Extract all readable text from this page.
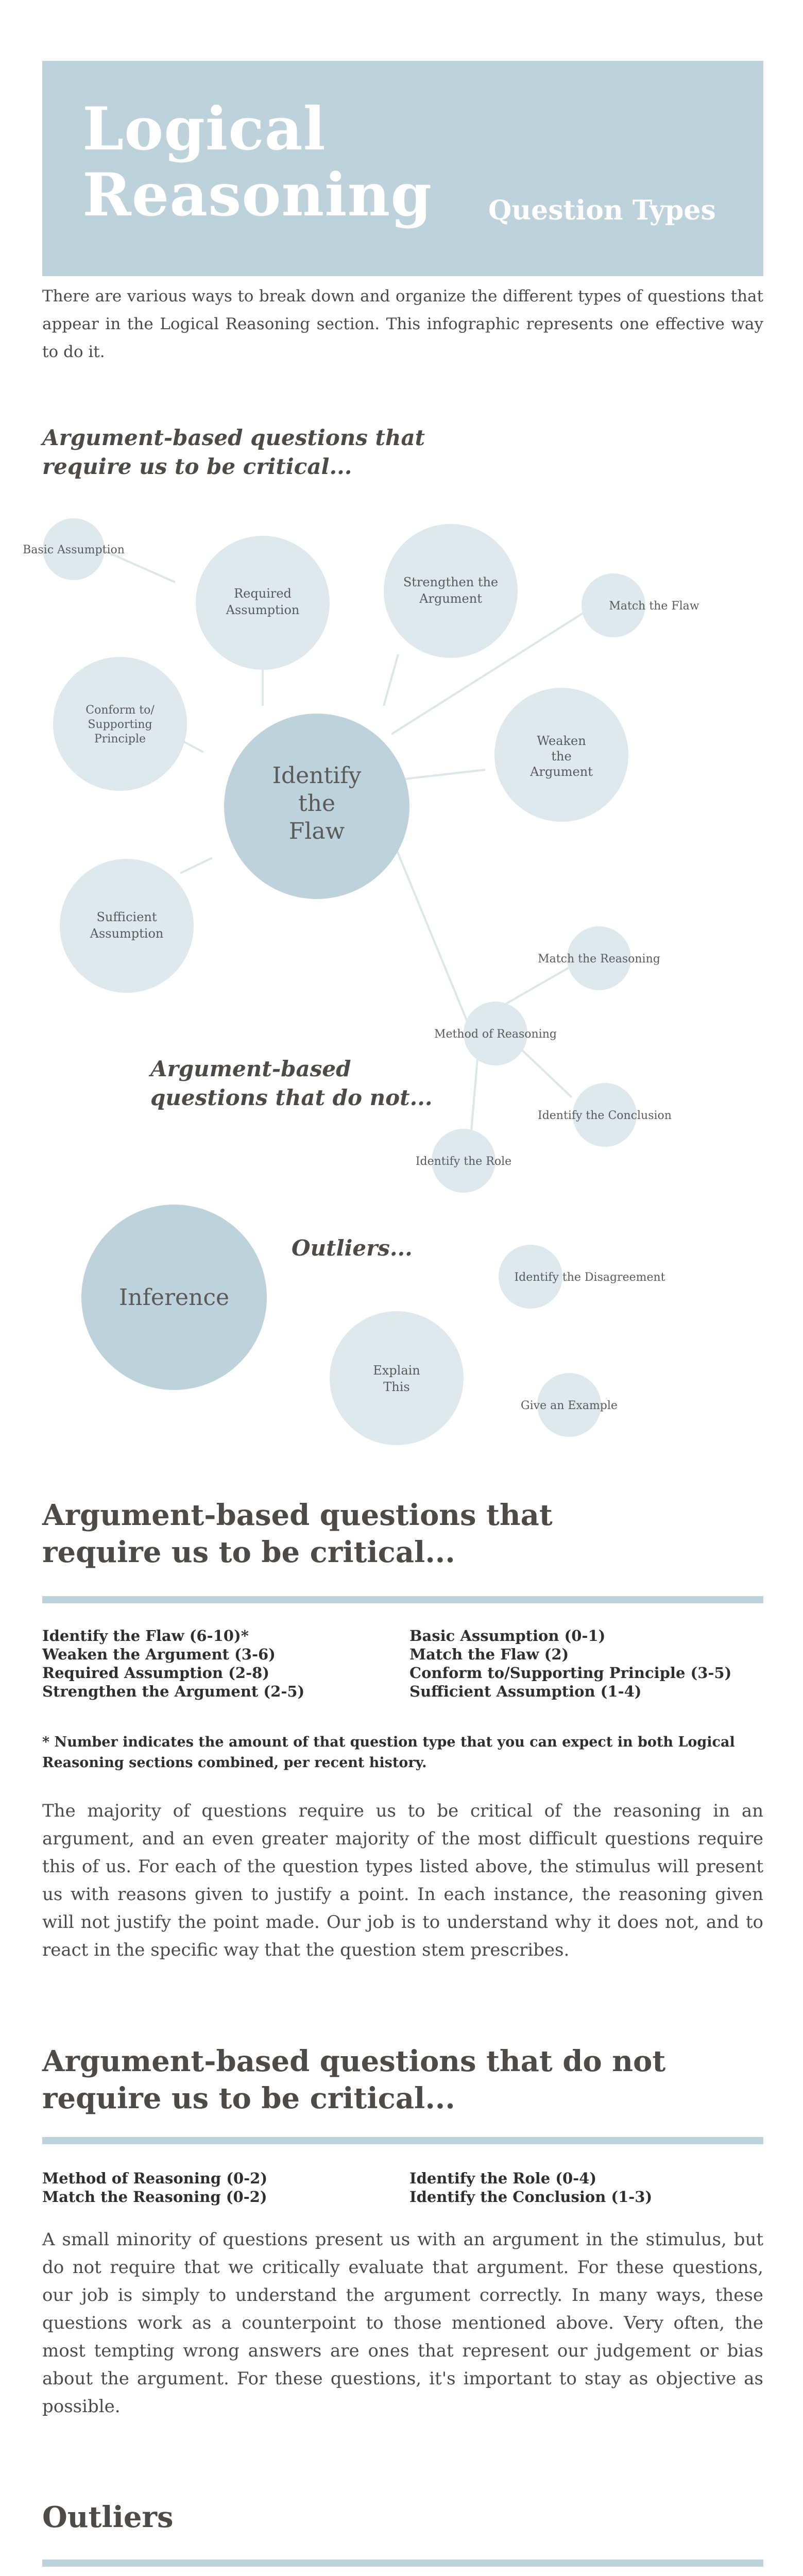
Logical
Reasoning Question Types
There are various ways to break down and organize the different types of questions that appear in the Logical Reasoning section. This infographic represents one effective way to do it.
Argument-based questions that require us to be critical...
Basic Assumption
Required Assumption
Strengthen the Argument
Match the Flaw
Conform to/ Supporting Principle
Identify the Flaw
Weaken the Argument
Sufficient Assumption
Match the Reasoning
Method of Reasoning
Identify the Conclusion
Identify the Role
Inference
Identify the Disagreement
Explain This
Give an Example
Argument-based questions that do not...
Outliers...
Argument-based questions that
require us to be critical...
Identify the Flaw (6-10)*
Weaken the Argument (3-6)
Required Assumption (2-8)
Strengthen the Argument (2-5)
Basic Assumption (0-1)
Match the Flaw (2)
Conform to/Supporting Principle (3-5)
Sufficient Assumption (1-4)
* Number indicates the amount of that question type that you can expect in both Logical Reasoning sections combined, per recent history.
The majority of questions require us to be critical of the reasoning in an argument, and an even greater majority of the most difficult questions require this of us. For each of the question types listed above, the stimulus will present us with reasons given to justify a point. In each instance, the reasoning given will not justify the point made. Our job is to understand why it does not, and to react in the specific way that the question stem prescribes.
Argument-based questions that do not
require us to be critical...
Method of Reasoning (0-2)
Match the Reasoning (0-2)
Identify the Role (0-4)
Identify the Conclusion (1-3)
A small minority of questions present us with an argument in the stimulus, but do not require that we critically evaluate that argument. For these questions, our job is simply to understand the argument correctly. In many ways, these questions work as a counterpoint to those mentioned above. Very often, the most tempting wrong answers are ones that represent our judgement or bias about the argument. For these questions, it's important to stay as objective as possible.
Outliers
